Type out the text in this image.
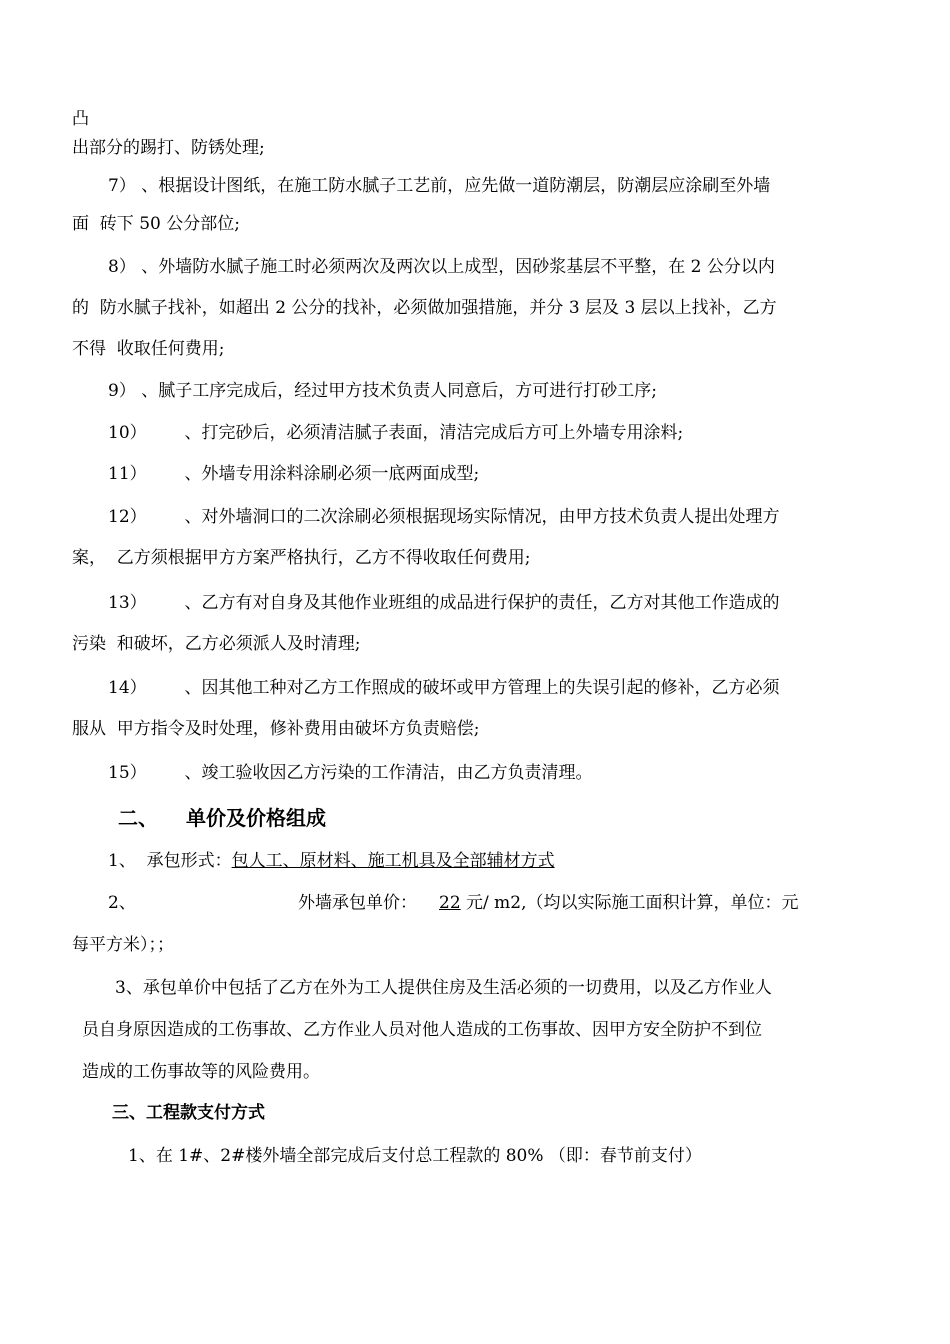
凸
出部分的踢打、防锈处理;
7） 、根据设计图纸，在施工防水腻子工艺前，应先做一道防潮层，防潮层应涂刷至外墙
面  砖下 50 公分部位;
8） 、外墙防水腻子施工时必须两次及两次以上成型，因砂浆基层不平整，在 2 公分以内
的  防水腻子找补，如超出 2 公分的找补，必须做加强措施，并分 3 层及 3 层以上找补，乙方
不得  收取任何费用;
9） 、腻子工序完成后，经过甲方技术负责人同意后，方可进行打砂工序;
10）       、打完砂后，必须清洁腻子表面，清洁完成后方可上外墙专用涂料;
11）       、外墙专用涂料涂刷必须一底两面成型;
12）       、对外墙洞口的二次涂刷必须根据现场实际情况，由甲方技术负责人提出处理方
案，  乙方须根据甲方方案严格执行，乙方不得收取任何费用;
13）       、乙方有对自身及其他作业班组的成品进行保护的责任，乙方对其他工作造成的
污染  和破坏，乙方必须派人及时清理;
14）       、因其他工种对乙方工作照成的破坏或甲方管理上的失误引起的修补，乙方必须
服从  甲方指令及时处理，修补费用由破坏方负责赔偿;
15）       、竣工验收因乙方污染的工作清洁，由乙方负责清理。
二、 单价及价格组成
1、  承包形式：包人工、原材料、施工机具及全部辅材方式
2、	外墙承包单价： 22 元/ m2,（均以实际施工面积计算，单位：元
每平方米）；；
3、承包单价中包括了乙方在外为工人提供住房及生活必须的一切费用，以及乙方作业人
员自身原因造成的工伤事故、乙方作业人员对他人造成的工伤事故、因甲方安全防护不到位
造成的工伤事故等的风险费用。
三、工程款支付方式
1、在 1#、2#楼外墙全部完成后支付总工程款的 80% （即：春节前支付）
